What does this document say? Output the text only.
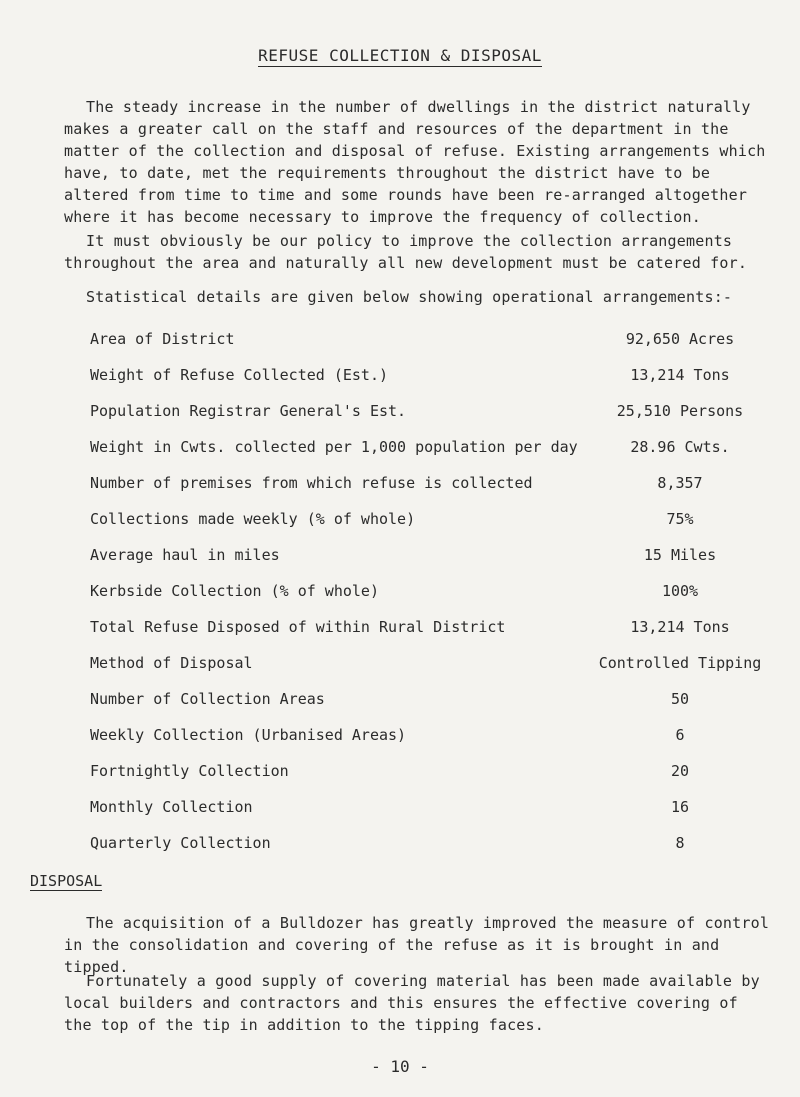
REFUSE COLLECTION & DISPOSAL

The steady increase in the number of dwellings in the district naturally makes a greater call on the staff and resources of the department in the matter of the collection and disposal of refuse. Existing arrangements which have, to date, met the requirements throughout the district have to be altered from time to time and some rounds have been re-arranged altogether where it has become necessary to improve the frequency of collection.

It must obviously be our policy to improve the collection arrangements throughout the area and naturally all new development must be catered for.

Statistical details are given below showing operational arrangements:-

Area of District	92,650 Acres
Weight of Refuse Collected (Est.)	13,214 Tons
Population Registrar General's Est.	25,510 Persons
Weight in Cwts. collected per 1,000 population per day	28.96 Cwts.
Number of premises from which refuse is collected	8,357
Collections made weekly (% of whole)	75%
Average haul in miles	15 Miles
Kerbside Collection (% of whole)	100%
Total Refuse Disposed of within Rural District	13,214 Tons
Method of Disposal	Controlled Tipping
Number of Collection Areas	50
Weekly Collection (Urbanised Areas)	6
Fortnightly Collection	20
Monthly Collection	16
Quarterly Collection	8
DISPOSAL

The acquisition of a Bulldozer has greatly improved the measure of control in the consolidation and covering of the refuse as it is brought in and tipped.

Fortunately a good supply of covering material has been made available by local builders and contractors and this ensures the effective covering of the top of the tip in addition to the tipping faces.

- 10 -
